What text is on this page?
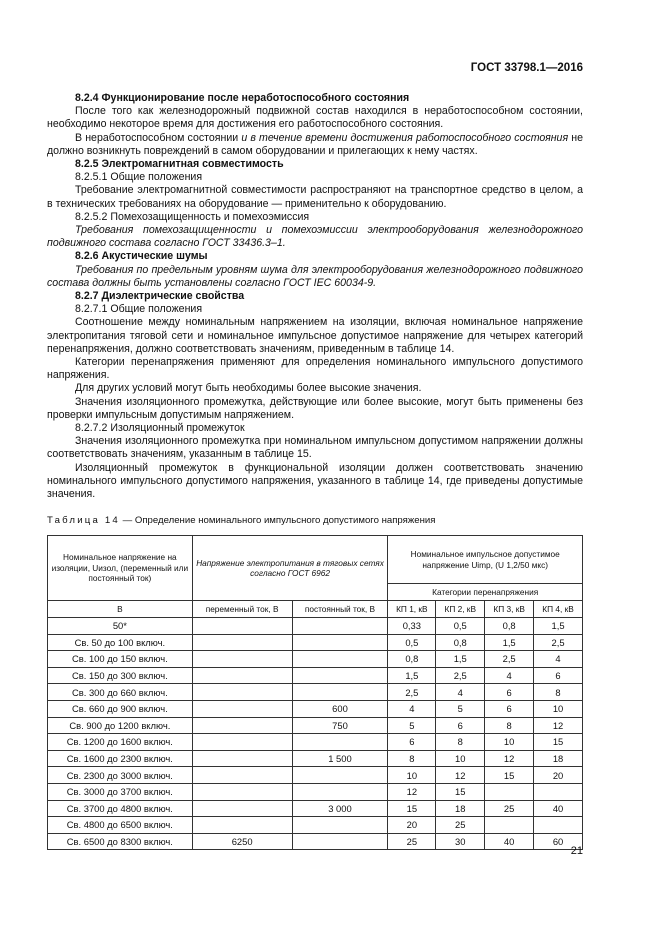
ГОСТ 33798.1—2016

8.2.4 Функционирование после неработоспособного состояния

После того как железнодорожный подвижной состав находился в неработоспособном состоянии, необходимо некоторое время для достижения его работоспособного состояния.

В неработоспособном состоянии и в течение времени достижения работоспособного состояния не должно возникнуть повреждений в самом оборудовании и прилегающих к нему частях.

8.2.5 Электромагнитная совместимость

8.2.5.1 Общие положения

Требование электромагнитной совместимости распространяют на транспортное средство в целом, а в технических требованиях на оборудование — применительно к оборудованию.

8.2.5.2 Помехозащищенность и помехоэмиссия

Требования помехозащищенности и помехоэмиссии электрооборудования железнодорожного подвижного состава согласно ГОСТ 33436.3–1.

8.2.6 Акустические шумы

Требования по предельным уровням шума для электрооборудования железнодорожного подвижного состава должны быть установлены согласно ГОСТ IEC 60034-9.

8.2.7 Диэлектрические свойства

8.2.7.1 Общие положения

Соотношение между номинальным напряжением на изоляции, включая номинальное напряжение электропитания тяговой сети и номинальное импульсное допустимое напряжение для четырех категорий перенапряжения, должно соответствовать значениям, приведенным в таблице 14.

Категории перенапряжения применяют для определения номинального импульсного допустимого напряжения.

Для других условий могут быть необходимы более высокие значения.

Значения изоляционного промежутка, действующие или более высокие, могут быть применены без проверки импульсным допустимым напряжением.

8.2.7.2 Изоляционный промежуток

Значения изоляционного промежутка при номинальном импульсном допустимом напряжении должны соответствовать значениям, указанным в таблице 15.

Изоляционный промежуток в функциональной изоляции должен соответствовать значению номинального импульсного допустимого напряжения, указанного в таблице 14, где приведены допустимые значения.

Таблица 14 — Определение номинального импульсного допустимого напряжения
Номинальное напряжение на изоляции, Uизол, (переменный или постоянный ток)	Напряжение электропитания в тяговых сетях согласно ГОСТ 6962		Номинальное импульсное допустимое напряжение Uimp, (U 1,2/50 мкс)			
			Категории перенапряжения			
В	переменный ток, В	постоянный ток, В	КП 1, кВ	КП 2, кВ	КП 3, кВ	КП 4, кВ
50*			0,33	0,5	0,8	1,5
Св. 50 до 100 включ.			0,5	0,8	1,5	2,5
Св. 100 до 150 включ.			0,8	1,5	2,5	4
Св. 150 до 300 включ.			1,5	2,5	4	6
Св. 300 до 660 включ.			2,5	4	6	8
Св. 660 до 900 включ.		600	4	5	6	10
Св. 900 до 1200 включ.		750	5	6	8	12
Св. 1200 до 1600 включ.			6	8	10	15
Св. 1600 до 2300 включ.		1 500	8	10	12	18
Св. 2300 до 3000 включ.			10	12	15	20
Св. 3000 до 3700 включ.			12	15		
Св. 3700 до 4800 включ.		3 000	15	18	25	40
Св. 4800 до 6500 включ.			20	25		
Св. 6500 до 8300 включ.	6250		25	30	40	60
21
